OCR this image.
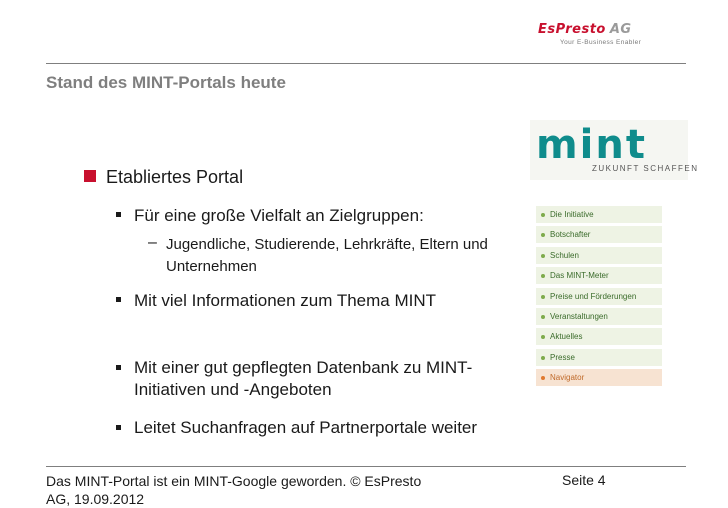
EsPresto AG
Your E-Business Enabler
Stand des MINT-Portals heute
Etabliertes Portal
Für eine große Vielfalt an Zielgruppen:
– Jugendliche, Studierende, Lehrkräfte, Eltern und Unternehmen
Mit viel Informationen zum Thema MINT
Mit einer gut gepflegten Datenbank zu MINT-Initiativen und -Angeboten
Leitet Suchanfragen auf Partnerportale weiter
mint
ZUKUNFT SCHAFFEN
Die Initiative
Botschafter
Schulen
Das MINT-Meter
Preise und Förderungen
Veranstaltungen
Aktuelles
Presse
Navigator
Das MINT-Portal ist ein MINT-Google geworden. © EsPresto AG, 19.09.2012
Seite 4
